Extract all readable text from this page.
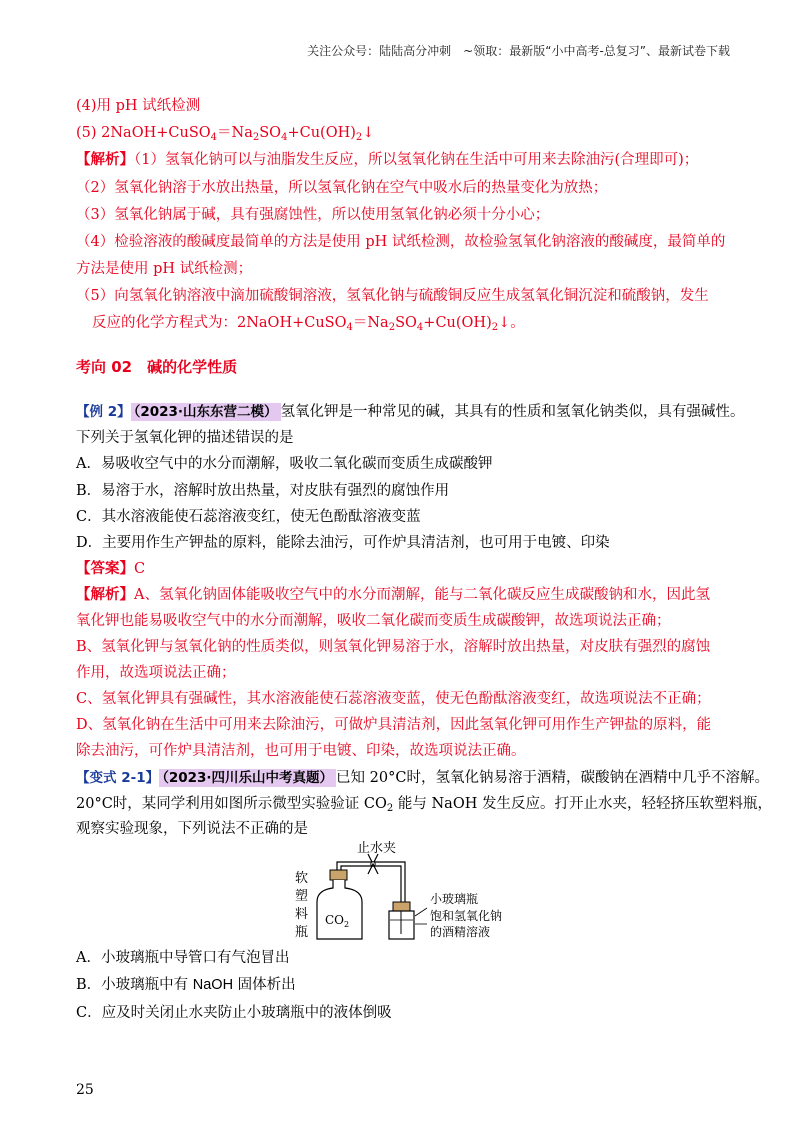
关注公众号：陆陆高分冲刺　~领取：最新版“小中高考-总复习”、最新试卷下载
(4)用 pH 试纸检测
(5) $2NaOH+CuSO_4=Na_2SO_4+Cu(OH)_2↓$
【解析】（1）氢氧化钠可以与油脂发生反应，所以氢氧化钠在生活中可用来去除油污(合理即可)；
（2）氢氧化钠溶于水放出热量，所以氢氧化钠在空气中吸水后的热量变化为放热；
（3）氢氧化钠属于碱，具有强腐蚀性，所以使用氢氧化钠必须十分小心；
（4）检验溶液的酸碱度最简单的方法是使用 pH 试纸检测，故检验氢氧化钠溶液的酸碱度，最简单的
方法是使用 pH 试纸检测；
（5）向氢氧化钠溶液中滴加硫酸铜溶液，氢氧化钠与硫酸铜反应生成氢氧化铜沉淀和硫酸钠，发生
反应的化学方程式为：$2NaOH+CuSO_4=Na_2SO_4+Cu(OH)_2↓$。
考向 02　碱的化学性质
【例 2】 （2023·山东东营二模） 氢氧化钾是一种常见的碱，其具有的性质和氢氧化钠类似，具有强碱性。
下列关于氢氧化钾的描述错误的是
A．易吸收空气中的水分而潮解，吸收二氧化碳而变质生成碳酸钾
B．易溶于水，溶解时放出热量，对皮肤有强烈的腐蚀作用
C．其水溶液能使石蕊溶液变红，使无色酚酞溶液变蓝
D．主要用作生产钾盐的原料，能除去油污，可作炉具清洁剂，也可用于电镀、印染
【答案】C
【解析】A、氢氧化钠固体能吸收空气中的水分而潮解，能与二氧化碳反应生成碳酸钠和水，因此氢
氧化钾也能易吸收空气中的水分而潮解，吸收二氧化碳而变质生成碳酸钾，故选项说法正确；
B、氢氧化钾与氢氧化钠的性质类似，则氢氧化钾易溶于水，溶解时放出热量，对皮肤有强烈的腐蚀
作用，故选项说法正确；
C、氢氧化钾具有强碱性，其水溶液能使石蕊溶液变蓝，使无色酚酞溶液变红，故选项说法不正确；
D、氢氧化钠在生活中可用来去除油污，可做炉具清洁剂，因此氢氧化钾可用作生产钾盐的原料，能
除去油污，可作炉具清洁剂，也可用于电镀、印染，故选项说法正确。
【变式 2-1】 （2023·四川乐山中考真题） 已知 20°C时，氢氧化钠易溶于酒精，碳酸钠在酒精中几乎不溶解。
20°C时，某同学利用如图所示微型实验验证 $CO_2$ 能与 NaOH 发生反应。打开止水夹，轻轻挤压软塑料瓶，
观察实验现象，下列说法不正确的是
止水夹
$CO_2$
软
塑
料
瓶
小玻璃瓶
饱和氢氧化钠
的酒精溶液
A．小玻璃瓶中导管口有气泡冒出
B．小玻璃瓶中有 NaOH 固体析出
C．应及时关闭止水夹防止小玻璃瓶中的液体倒吸
25
